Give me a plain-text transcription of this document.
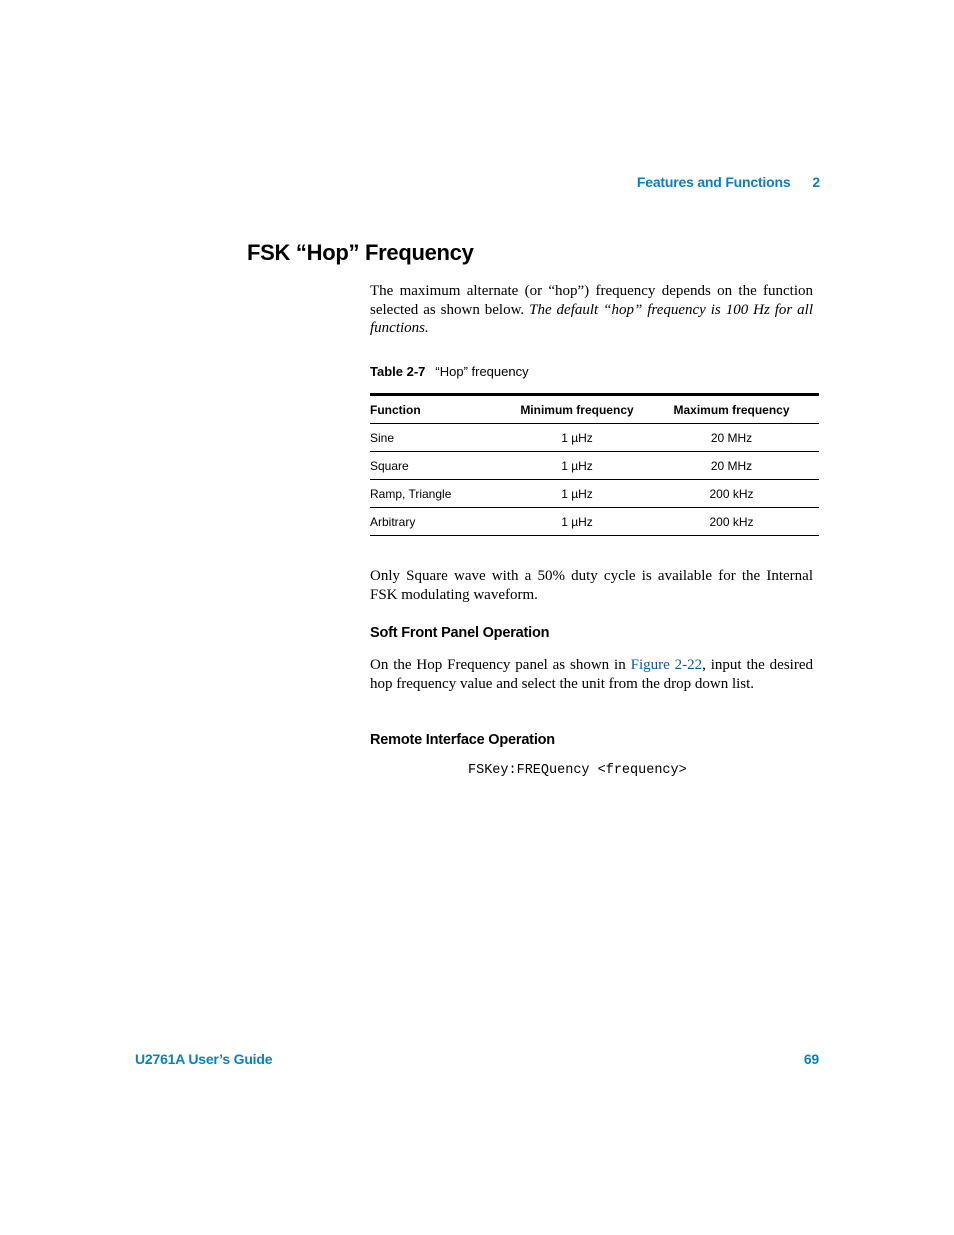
Features and Functions 2
FSK “Hop” Frequency

The maximum alternate (or “hop”) frequency depends on the function selected as shown below. The default “hop” frequency is 100 Hz for all functions.

Table 2-7 “Hop” frequency
Function	Minimum frequency	Maximum frequency
Sine	1 µHz	20 MHz
Square	1 µHz	20 MHz
Ramp, Triangle	1 µHz	200 kHz
Arbitrary	1 µHz	200 kHz

Only Square wave with a 50% duty cycle is available for the Internal FSK modulating waveform.

Soft Front Panel Operation

On the Hop Frequency panel as shown in Figure 2-22, input the desired hop frequency value and select the unit from the drop down list.

Remote Interface Operation
FSKey:FREQuency <frequency>
U2761A User’s Guide	69
